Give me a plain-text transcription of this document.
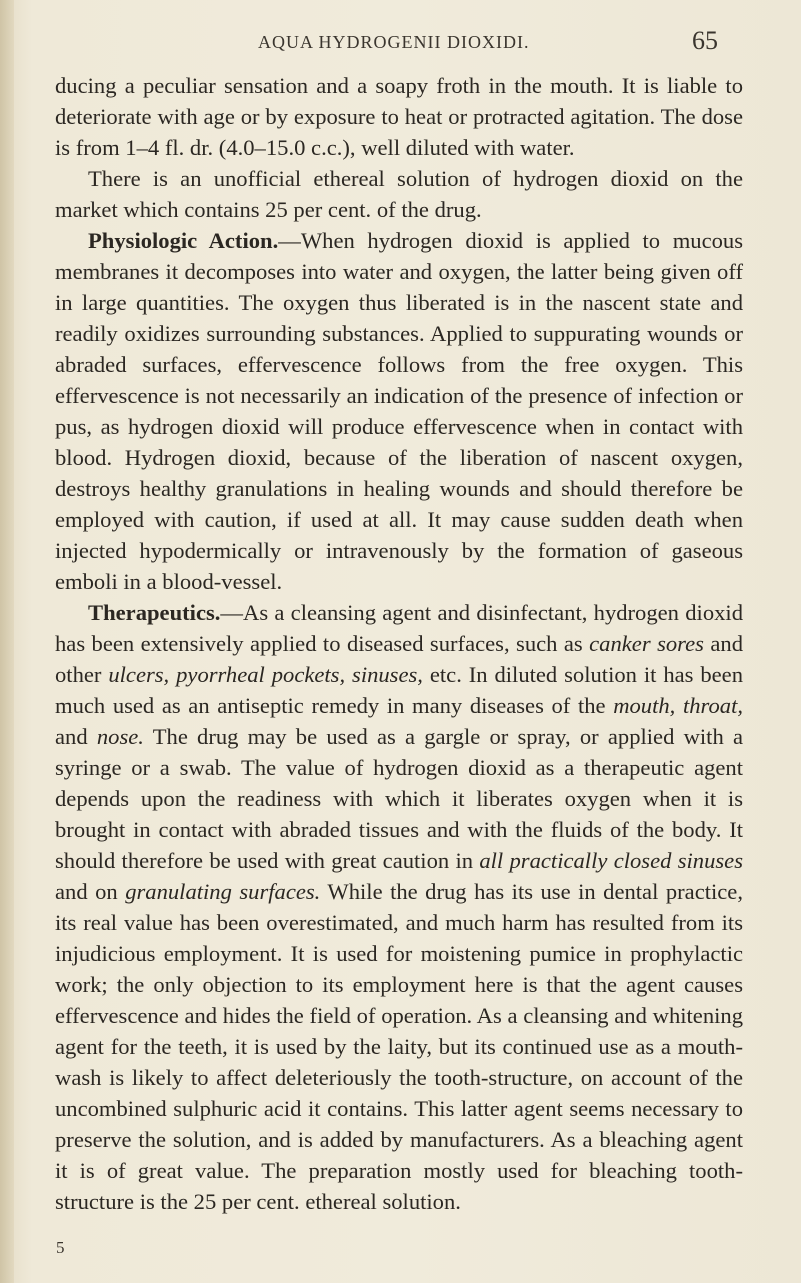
AQUA HYDROGENII DIOXIDI.	65

ducing a peculiar sensation and a soapy froth in the mouth. It is liable to deteriorate with age or by exposure to heat or protracted agitation. The dose is from 1–4 fl. dr. (4.0–15.0 c.c.), well diluted with water.

There is an unofficial ethereal solution of hydrogen dioxid on the market which contains 25 per cent. of the drug.

Physiologic Action.—When hydrogen dioxid is applied to mucous membranes it decomposes into water and oxygen, the latter being given off in large quantities. The oxygen thus liberated is in the nascent state and readily oxidizes surrounding substances. Applied to suppurating wounds or abraded surfaces, effervescence follows from the free oxygen. This effervescence is not necessarily an indication of the presence of infection or pus, as hydrogen dioxid will produce effervescence when in contact with blood. Hydrogen dioxid, because of the liberation of nascent oxygen, destroys healthy granulations in healing wounds and should therefore be employed with caution, if used at all. It may cause sudden death when injected hypodermically or intravenously by the formation of gaseous emboli in a blood-vessel.

Therapeutics.—As a cleansing agent and disinfectant, hydrogen dioxid has been extensively applied to diseased surfaces, such as canker sores and other ulcers, pyorrheal pockets, sinuses, etc. In diluted solution it has been much used as an antiseptic remedy in many diseases of the mouth, throat, and nose. The drug may be used as a gargle or spray, or applied with a syringe or a swab. The value of hydrogen dioxid as a therapeutic agent depends upon the readiness with which it liberates oxygen when it is brought in contact with abraded tissues and with the fluids of the body. It should therefore be used with great caution in all practically closed sinuses and on granulating surfaces. While the drug has its use in dental practice, its real value has been overestimated, and much harm has resulted from its injudicious employment. It is used for moistening pumice in prophylactic work; the only objection to its employment here is that the agent causes effervescence and hides the field of operation. As a cleansing and whitening agent for the teeth, it is used by the laity, but its continued use as a mouth-wash is likely to affect deleteriously the tooth-structure, on account of the uncombined sulphuric acid it contains. This latter agent seems necessary to preserve the solution, and is added by manufacturers. As a bleaching agent it is of great value. The preparation mostly used for bleaching tooth-structure is the 25 per cent. ethereal solution.

5
